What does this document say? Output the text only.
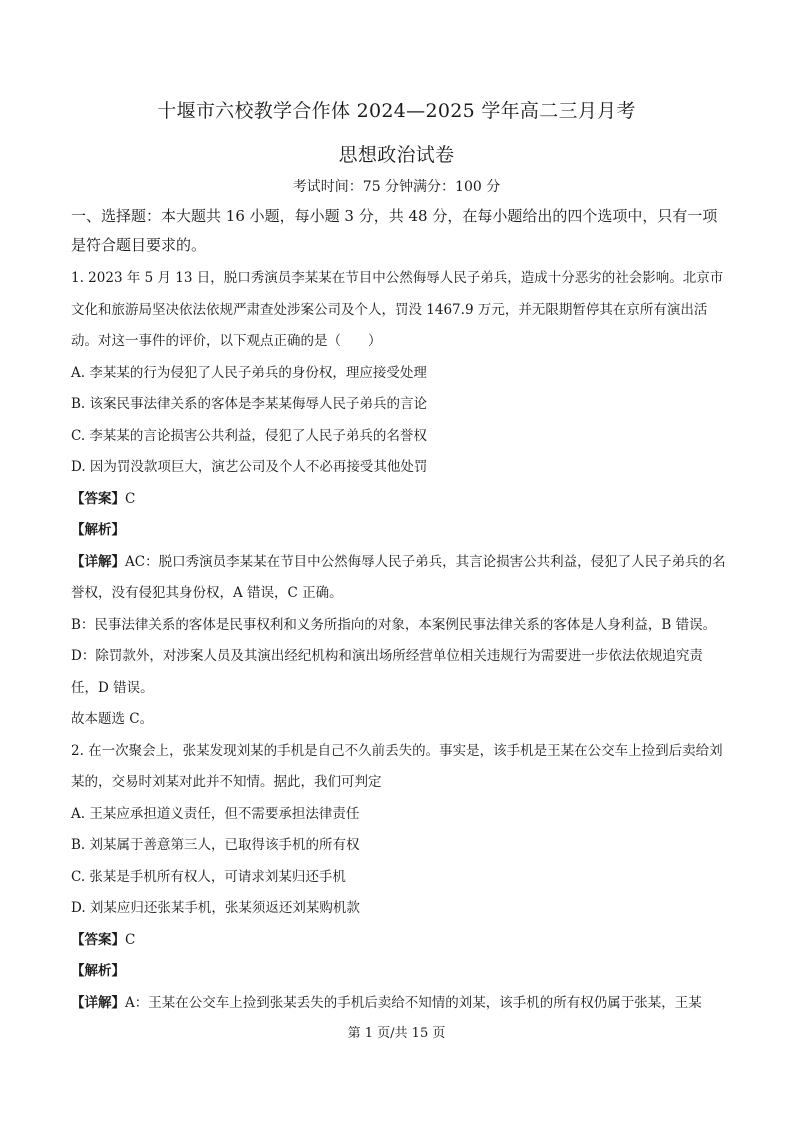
十堰市六校教学合作体 2024—2025 学年高二三月月考
思想政治试卷
考试时间：75 分钟满分：100 分

一、选择题：本大题共 16 小题，每小题 3 分，共 48 分，在每小题给出的四个选项中，只有一项是符合题目要求的。

1. 2023 年 5 月 13 日，脱口秀演员李某某在节目中公然侮辱人民子弟兵，造成十分恶劣的社会影响。北京市文化和旅游局坚决依法依规严肃查处涉案公司及个人，罚没 1467.9 万元，并无限期暂停其在京所有演出活动。对这一事件的评价，以下观点正确的是（　　）

A. 李某某的行为侵犯了人民子弟兵的身份权，理应接受处理

B. 该案民事法律关系的客体是李某某侮辱人民子弟兵的言论

C. 李某某的言论损害公共利益，侵犯了人民子弟兵的名誉权

D. 因为罚没款项巨大，演艺公司及个人不必再接受其他处罚

【答案】C

【解析】

【详解】AC：脱口秀演员李某某在节目中公然侮辱人民子弟兵，其言论损害公共利益，侵犯了人民子弟兵的名誉权，没有侵犯其身份权，A 错误，C 正确。

B：民事法律关系的客体是民事权利和义务所指向的对象，本案例民事法律关系的客体是人身利益，B 错误。

D：除罚款外，对涉案人员及其演出经纪机构和演出场所经营单位相关违规行为需要进一步依法依规追究责任，D 错误。

故本题选 C。

2. 在一次聚会上，张某发现刘某的手机是自己不久前丢失的。事实是，该手机是王某在公交车上捡到后卖给刘某的，交易时刘某对此并不知情。据此，我们可判定

A. 王某应承担道义责任，但不需要承担法律责任

B. 刘某属于善意第三人，已取得该手机的所有权

C. 张某是手机所有权人，可请求刘某归还手机

D. 刘某应归还张某手机，张某须返还刘某购机款

【答案】C

【解析】

【详解】A：王某在公交车上捡到张某丢失的手机后卖给不知情的刘某，该手机的所有权仍属于张某，王某

第 1 页/共 15 页
